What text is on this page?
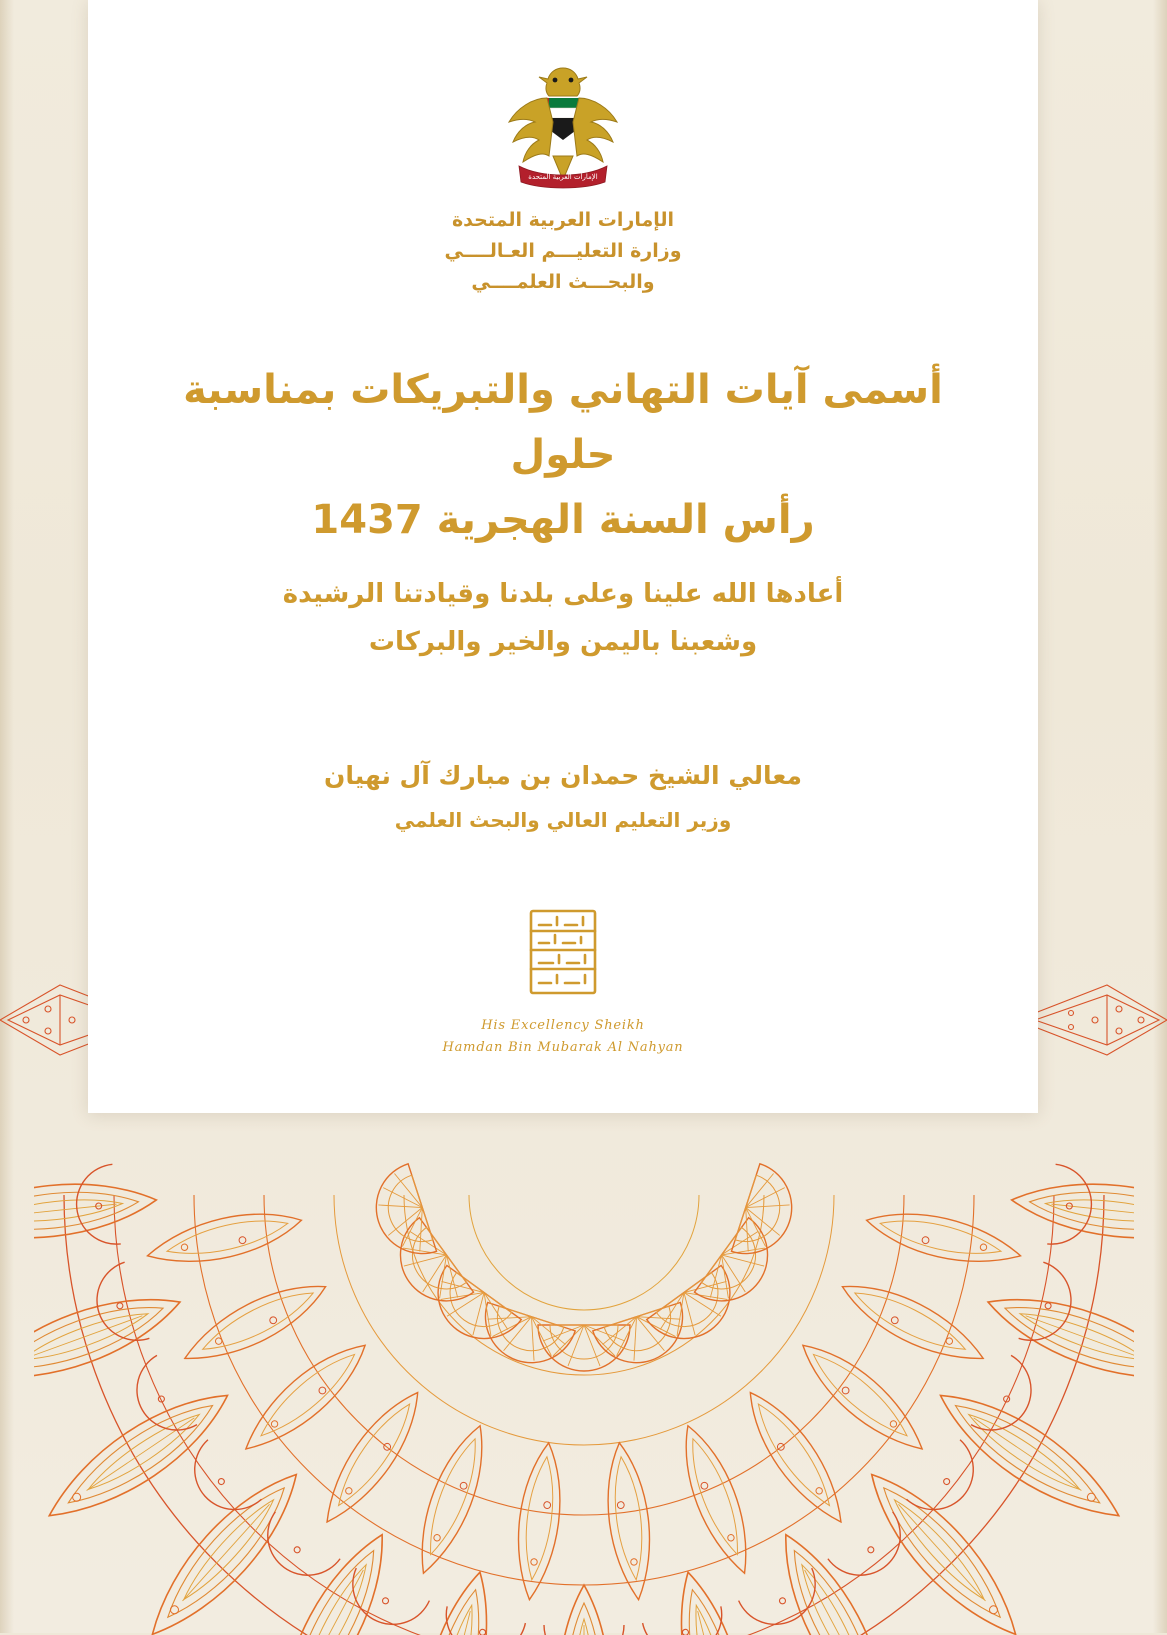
الإمارات العربية المتحدة
الإمارات العربية المتحدة
وزارة التعليـــم العـالــــي
والبحـــث العلمــــي
أسمى آيات التهاني والتبريكات بمناسبة حلول
رأس السنة الهجرية 1437
أعادها الله علينا وعلى بلدنا وقيادتنا الرشيدة
وشعبنا باليمن والخير والبركات
معالي الشيخ حمدان بن مبارك آل نهيان
وزير التعليم العالي والبحث العلمي
His Excellency Sheikh
Hamdan Bin Mubarak Al Nahyan
